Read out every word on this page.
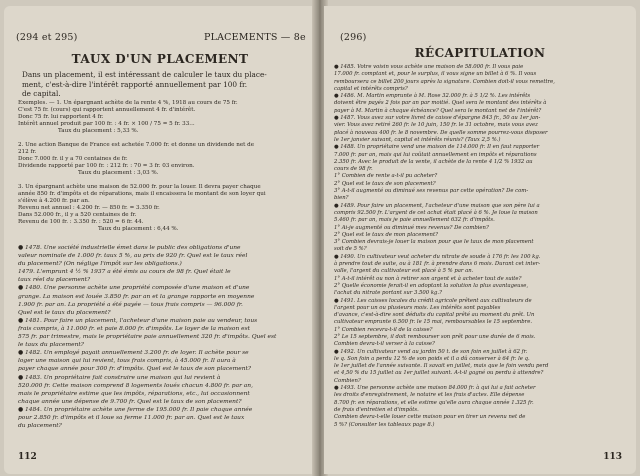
(294 et 295)	PLACEMENTS — 8e
TAUX D'UN PLACEMENT
Dans un placement, il est intéressant de calculer le taux du place-
ment, c'est-à-dire l'intérêt rapporté annuellement par 100 fr.
de capital.
Exemples. — 1. Un épargnant achète de la rente 4 %, 1918 au cours de 75 fr.
C'est 75 fr. (cours) qui rapportent annuellement 4 fr. d'intérêt.
Donc 75 fr. lui rapportent 4 fr.
Intérêt annuel produit par 100 fr. : 4 fr. × 100 / 75 = 5 fr. 33...
Taux du placement : 5,33 %.
2. Une action Banque de France est achetée 7.000 fr. et donne un dividende net de
212 fr.
Donc 7.000 fr. il y a 70 centaines de fr.
Dividende rapporté par 100 fr. : 212 fr. : 70 = 3 fr. 03 environ.
Taux du placement : 3,03 %.
3. Un épargnant achète une maison de 52.000 fr. pour la louer. Il devra payer chaque
année 850 fr. d'impôts et de réparations, mais il encaissera le montant de son loyer qui
s'élève à 4.200 fr. par an.
Revenu net annuel : 4.200 fr. — 850 fr. = 3.350 fr.
Dans 52.000 fr., il y a 520 centaines de fr.
Revenu de 100 fr. : 3.350 fr. : 520 = 6 fr. 44.
Taux du placement : 6,44 %.
● 1478. Une société industrielle émet dans le public des obligations d'une
valeur nominale de 1.000 fr. taux 5 %, au prix de 920 fr. Quel est le taux réel
du placement? (On néglige l'impôt sur les obligations.)
1479. L'emprunt 4 ½ % 1937 a été émis au cours de 98 fr. Quel était le
taux réel du placement?
● 1480. Une personne achète une propriété composée d'une maison et d'une
grange. La maison est louée 3.850 fr. par an et la grange rapporte en moyenne
1.900 fr. par an. La propriété a été payée — tous frais compris — 96.000 fr.
Quel est le taux du placement?
● 1481. Pour faire un placement, l'acheteur d'une maison paie au vendeur, tous
frais compris, à 11.000 fr. et paie 8.000 fr. d'impôts. Le loyer de la maison est
575 fr. par trimestre, mais le propriétaire paie annuellement 320 fr. d'impôts. Quel est
le taux du placement?
● 1482. Un employé payait annuellement 3.200 fr. de loyer. Il achète pour se
loger une maison qui lui revient, tous frais compris, à 45.000 fr. Il aura à
payer chaque année pour 300 fr. d'impôts. Quel est le taux de son placement?
● 1483. Un propriétaire fait construire une maison qui lui revient à
520.000 fr. Cette maison comprend 8 logements loués chacun 4.800 fr. par an,
mais le propriétaire estime que les impôts, réparations, etc., lui occasionnent
chaque année une dépense de 9.700 fr. Quel est le taux de son placement?
● 1484. Un propriétaire achète une ferme de 195.000 fr. Il paie chaque année
pour 2.850 fr. d'impôts et il loue sa ferme 11.000 fr. par an. Quel est le taux
du placement?
112
(296)
RÉCAPITULATION
● 1485. Votre voisin vous achète une maison de 58.000 fr. Il vous paie
17.000 fr. comptant et, pour le surplus, il vous signe un billet à 6 %. Il vous
remboursera ce billet 200 jours après la signature. Combien doit-il vous remettre,
capital et intérêts compris?
● 1486. M. Martin emprunte à M. Rose 32.000 fr. à 5 1/2 %. Les intérêts
doivent être payés 2 fois par an par moitié. Quel sera le montant des intérêts à
payer à M. Martin à chaque échéance? Quel sera le montant net de l'intérêt?
● 1487. Vous avez sur votre livret de caisse d'épargne 843 fr., 50 au 1er jan-
vier. Vous avez retiré 260 fr. le 10 juin, 150 fr. le 31 octobre, mais vous avez
placé à nouveau 400 fr. le 8 novembre. De quelle somme pourrez-vous disposer
le 1er janvier suivant, capital et intérêts réunis? (Taux 2,5 %.)
● 1488. Un propriétaire vend une maison de 114.000 fr. Il en faut rapporter
7.000 fr. par an, mais qui lui coûtait annuellement en impôts et réparations
2.350 fr. Avec le produit de la vente, il achète de la rente 4 1/2 % 1932 au
cours de 98 fr.
1° Combien de rente a-t-il pu acheter?
2° Quel est le taux de son placement?
3° A-t-il augmenté ou diminué ses revenus par cette opération? De com-
bien?
● 1489. Pour faire un placement, l'acheteur d'une maison que son père lui a
compris 92.500 fr. L'argent de cet achat était placé à 6 %. Je loue la maison
5.460 fr. par an, mais je paie annuellement 632 fr. d'impôts.
1° Ai-je augmenté ou diminué mes revenus? De combien?
2° Quel est le taux de mon placement?
3° Combien devrais-je louer la maison pour que le taux de mon placement
soit de 5 %?
● 1490. Un cultivateur veut acheter du nitrate de soude à 176 fr. les 100 kg.
à prendre tout de suite, ou à 181 fr. à prendre dans 6 mois. Durant cet inter-
valle, l'argent du cultivateur est placé à 5 % par an.
1° A-t-il intérêt ou non à retirer son argent et à acheter tout de suite?
2° Quelle économie ferait-il en adoptant la solution la plus avantageuse,
l'achat du nitrate portant sur 3.500 kg.?
● 1491. Les caisses locales du crédit agricole prêtent aux cultivateurs de
l'argent pour un ou plusieurs mois. Les intérêts sont payables
d'avance, c'est-à-dire sont déduits du capital prêté au moment du prêt. Un
cultivateur emprunte 6.500 fr. le 15 mai, remboursables le 15 septembre.
1° Combien recevra-t-il de la caisse?
2° Le 15 septembre, il doit rembourser son prêt pour une durée de 6 mois.
Combien devra-t-il verser à la caisse?
● 1492. Un cultivateur vend au jardin 50 t. de son foin en juillet à 62 fr.
le q. Son foin a perdu 12 % de son poids et il a dû conserver à 64 fr. le q.
le 1er juillet de l'année suivante. Il savait en juillet, mais que le foin vendu perd
et 4,50 % du 15 juillet au 1er juillet suivant. A-t-il gagné ou perdu à attendre?
Combien?
● 1493. Une personne achète une maison 84.000 fr. à qui lui a fait acheter
les droits d'enregistrement, le notaire et les frais d'actes. Elle dépense
8.700 fr. en réparations, et elle estime qu'elle aura chaque année 1.325 fr.
de frais d'entretien et d'impôts.
Combien devra-t-elle louer cette maison pour en tirer un revenu net de
5 %? (Consulter les tableaux page 8.)
113
